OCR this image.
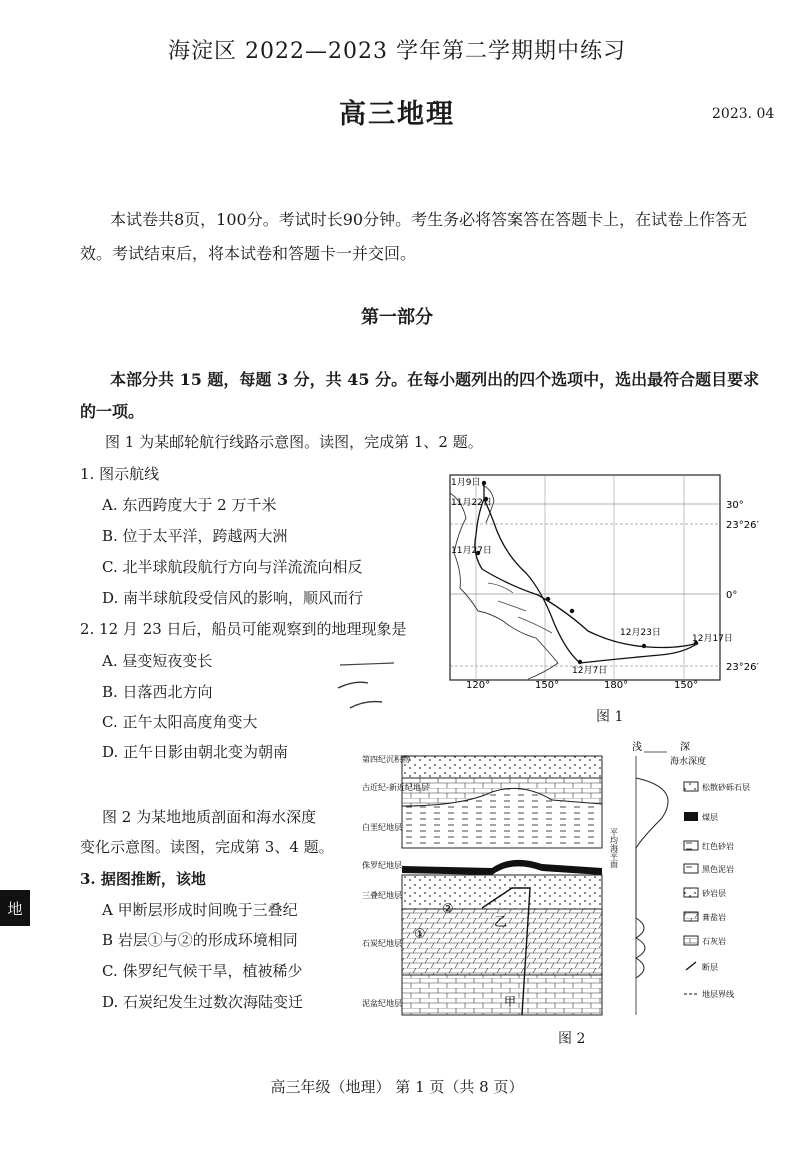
海淀区 2022—2023 学年第二学期期中练习
高三地理	2023. 04
本试卷共8页，100分。考试时长90分钟。考生务必将答案答在答题卡上，在试卷上作答无
效。考试结束后，将本试卷和答题卡一并交回。
第一部分
本部分共 15 题，每题 3 分，共 45 分。在每小题列出的四个选项中，选出最符合题目要求
的一项。
图 1 为某邮轮航行线路示意图。读图，完成第 1、2 题。
1. 图示航线
A. 东西跨度大于 2 万千米
B. 位于太平洋，跨越两大洲
C. 北半球航段航行方向与洋流流向相反
D. 南半球航段受信风的影响，顺风而行
2. 12 月 23 日后，船员可能观察到的地理现象是
A. 昼变短夜变长
B. 日落西北方向
C. 正午太阳高度角变大
D. 正午日影由朝北变为朝南
1月9日
11月22日
11月27日
12月23日
12月17日
12月7日
30°
23°26′
0°
23°26′
120°	150°	180°	150°
图 1
图 2 为某地地质剖面和海水深度
变化示意图。读图，完成第 3、4 题。
3. 据图推断，该地
A 甲断层形成时间晚于三叠纪
B 岩层①与②的形成环境相同
C. 侏罗纪气候干旱，植被稀少
D. 石炭纪发生过数次海陆变迁
第四纪沉积物
古近纪-新近纪地层
白垩纪地层
侏罗纪地层
三叠纪地层
石炭纪地层
泥盆纪地层
①
②
乙
甲
浅	深
海水深度
平均海平面
松散砂砾石层
煤层
红色砂岩
黑色泥岩
砂岩层
膏盐岩
石灰岩
断层
地层界线
图 2
地
高三年级（地理） 第 1 页（共 8 页）
